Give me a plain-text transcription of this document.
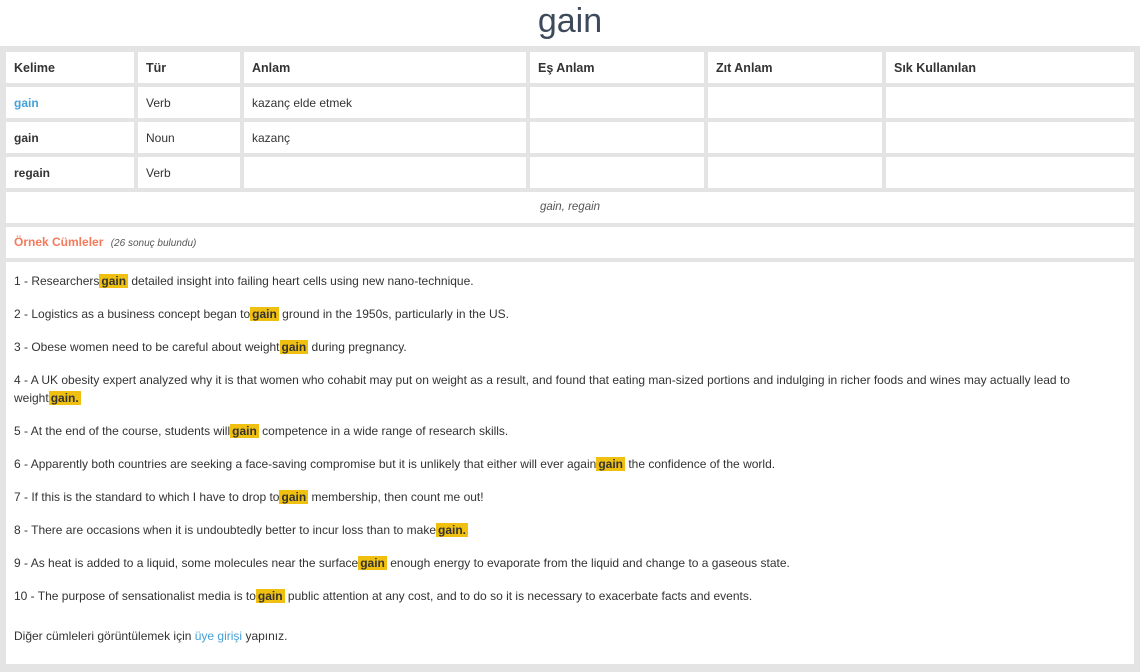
gain
Kelime	Tür	Anlam	Eş Anlam	Zıt Anlam	Sık Kullanılan
gain	Verb	kazanç elde etmek			
gain	Noun	kazanç			
regain	Verb				
gain, regain
Örnek Cümleler (26 sonuç bulundu)

1 - Researchers gain detailed insight into failing heart cells using new nano-technique.

2 - Logistics as a business concept began to gain ground in the 1950s, particularly in the US.

3 - Obese women need to be careful about weight gain during pregnancy.

4 - A UK obesity expert analyzed why it is that women who cohabit may put on weight as a result, and found that eating man-sized portions and indulging in richer foods and wines may actually lead to weight gain.

5 - At the end of the course, students will gain competence in a wide range of research skills.

6 - Apparently both countries are seeking a face-saving compromise but it is unlikely that either will ever again gain the confidence of the world.

7 - If this is the standard to which I have to drop to gain membership, then count me out!

8 - There are occasions when it is undoubtedly better to incur loss than to make gain.

9 - As heat is added to a liquid, some molecules near the surface gain enough energy to evaporate from the liquid and change to a gaseous state.

10 - The purpose of sensationalist media is to gain public attention at any cost, and to do so it is necessary to exacerbate facts and events.

Diğer cümleleri görüntülemek için üye girişi yapınız.
